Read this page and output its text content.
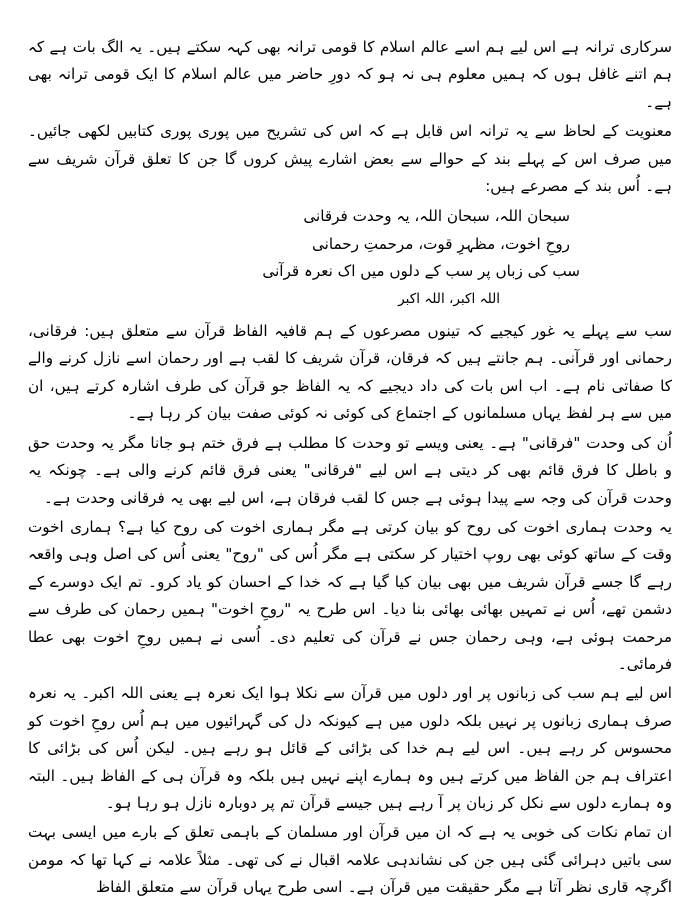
سرکاری ترانہ ہے اس لیے ہم اسے عالم اسلام کا قومی ترانہ بھی کہہ سکتے ہیں۔ یہ الگ بات ہے کہ ہم اتنے غافل ہوں کہ ہمیں معلوم ہی نہ ہو کہ دورِ حاضر میں عالم اسلام کا ایک قومی ترانہ بھی ہے۔

معنویت کے لحاظ سے یہ ترانہ اس قابل ہے کہ اس کی تشریح میں پوری پوری کتابیں لکھی جائیں۔ میں صرف اس کے پہلے بند کے حوالے سے بعض اشارے پیش کروں گا جن کا تعلق قرآن شریف سے ہے۔ اُس بند کے مصرعے ہیں:

سبحان اللہ، سبحان اللہ، یہ وحدت فرقانی
روحِ اخوت، مظہرِ قوت، مرحمتِ رحمانی
سب کی زباں پر سب کے دلوں میں اک نعرہ قرآنی
اللہ اکبر، اللہ اکبر

سب سے پہلے یہ غور کیجیے کہ تینوں مصرعوں کے ہم قافیہ الفاظ قرآن سے متعلق ہیں: فرقانی، رحمانی اور قرآنی۔ ہم جانتے ہیں کہ فرقان، قرآن شریف کا لقب ہے اور رحمان اسے نازل کرنے والے کا صفاتی نام ہے۔ اب اس بات کی داد دیجیے کہ یہ الفاظ جو قرآن کی طرف اشارہ کرتے ہیں، ان میں سے ہر لفظ یہاں مسلمانوں کے اجتماع کی کوئی نہ کوئی صفت بیان کر رہا ہے۔

اُن کی وحدت "فرقانی" ہے۔ یعنی ویسے تو وحدت کا مطلب ہے فرق ختم ہو جانا مگر یہ وحدت حق و باطل کا فرق قائم بھی کر دیتی ہے اس لیے "فرقانی" یعنی فرق قائم کرنے والی ہے۔ چونکہ یہ وحدت قرآن کی وجہ سے پیدا ہوئی ہے جس کا لقب فرقان ہے، اس لیے بھی یہ فرقانی وحدت ہے۔

یہ وحدت ہماری اخوت کی روح کو بیان کرتی ہے مگر ہماری اخوت کی روح کیا ہے؟ ہماری اخوت وقت کے ساتھ کوئی بھی روپ اختیار کر سکتی ہے مگر اُس کی "روح" یعنی اُس کی اصل وہی واقعہ رہے گا جسے قرآن شریف میں بھی بیان کیا گیا ہے کہ خدا کے احسان کو یاد کرو۔ تم ایک دوسرے کے دشمن تھے، اُس نے تمہیں بھائی بھائی بنا دیا۔ اس طرح یہ "روحِ اخوت" ہمیں رحمان کی طرف سے مرحمت ہوئی ہے، وہی رحمان جس نے قرآن کی تعلیم دی۔ اُسی نے ہمیں روحِ اخوت بھی عطا فرمائی۔

اس لیے ہم سب کی زبانوں پر اور دلوں میں قرآن سے نکلا ہوا ایک نعرہ ہے یعنی اللہ اکبر۔ یہ نعرہ صرف ہماری زبانوں پر نہیں بلکہ دلوں میں ہے کیونکہ دل کی گہرائیوں میں ہم اُس روحِ اخوت کو محسوس کر رہے ہیں۔ اس لیے ہم خدا کی بڑائی کے قائل ہو رہے ہیں۔ لیکن اُس کی بڑائی کا اعتراف ہم جن الفاظ میں کرتے ہیں وہ ہمارے اپنے نہیں ہیں بلکہ وہ قرآن ہی کے الفاظ ہیں۔ البتہ وہ ہمارے دلوں سے نکل کر زبان پر آ رہے ہیں جیسے قرآن تم پر دوبارہ نازل ہو رہا ہو۔

ان تمام نکات کی خوبی یہ ہے کہ ان میں قرآن اور مسلمان کے باہمی تعلق کے بارے میں ایسی بہت سی باتیں دہرائی گئی ہیں جن کی نشاندہی علامہ اقبال نے کی تھی۔ مثلاً علامہ نے کہا تھا کہ مومن اگرچہ قاری نظر آتا ہے مگر حقیقت میں قرآن ہے۔ اسی طرح یہاں قرآن سے متعلق الفاظ
